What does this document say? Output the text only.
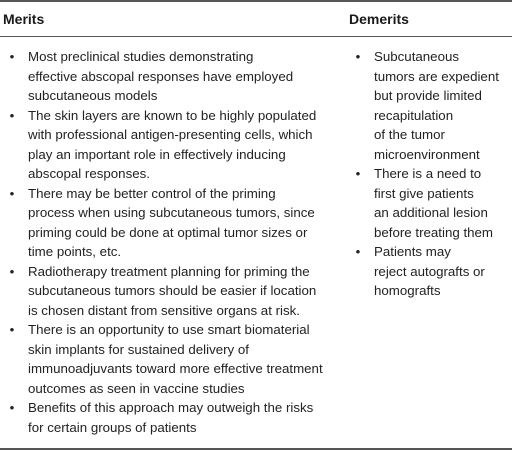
Merits	Demerits
• Most preclinical studies demonstrating
effective abscopal responses have employed
subcutaneous models
• The skin layers are known to be highly populated
with professional antigen-presenting cells, which
play an important role in effectively inducing
abscopal responses.
• There may be better control of the priming
process when using subcutaneous tumors, since
priming could be done at optimal tumor sizes or
time points, etc.
• Radiotherapy treatment planning for priming the
subcutaneous tumors should be easier if location
is chosen distant from sensitive organs at risk.
• There is an opportunity to use smart biomaterial
skin implants for sustained delivery of
immunoadjuvants toward more effective treatment
outcomes as seen in vaccine studies
• Benefits of this approach may outweigh the risks
for certain groups of patients
• Subcutaneous
tumors are expedient
but provide limited
recapitulation
of the tumor
microenvironment
• There is a need to
first give patients
an additional lesion
before treating them
• Patients may
reject autografts or
homografts
